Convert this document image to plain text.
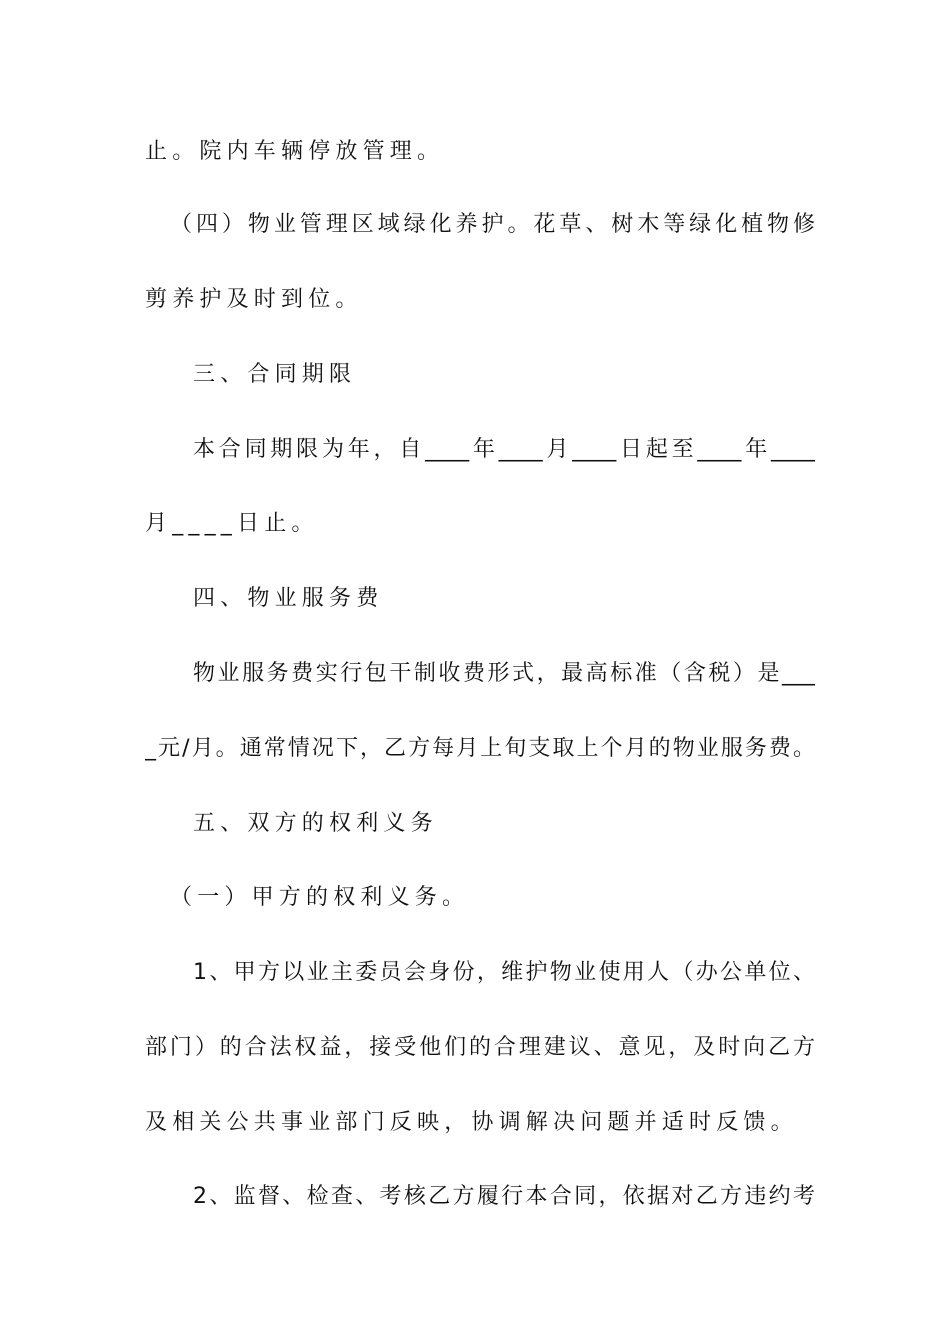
止。院内车辆停放管理。
（四）物业管理区域绿化养护。花草、树木等绿化植物修
剪养护及时到位。
三、合同期限
本合同期限为年，自____年____月____日起至____年____
月____日止。
四、物业服务费
物业服务费实行包干制收费形式，最高标准（含税）是___
_元/月。通常情况下，乙方每月上旬支取上个月的物业服务费。
五、双方的权利义务
（一）甲方的权利义务。
1、甲方以业主委员会身份，维护物业使用人（办公单位、
部门）的合法权益，接受他们的合理建议、意见，及时向乙方
及相关公共事业部门反映，协调解决问题并适时反馈。
2、监督、检查、考核乙方履行本合同，依据对乙方违约考
